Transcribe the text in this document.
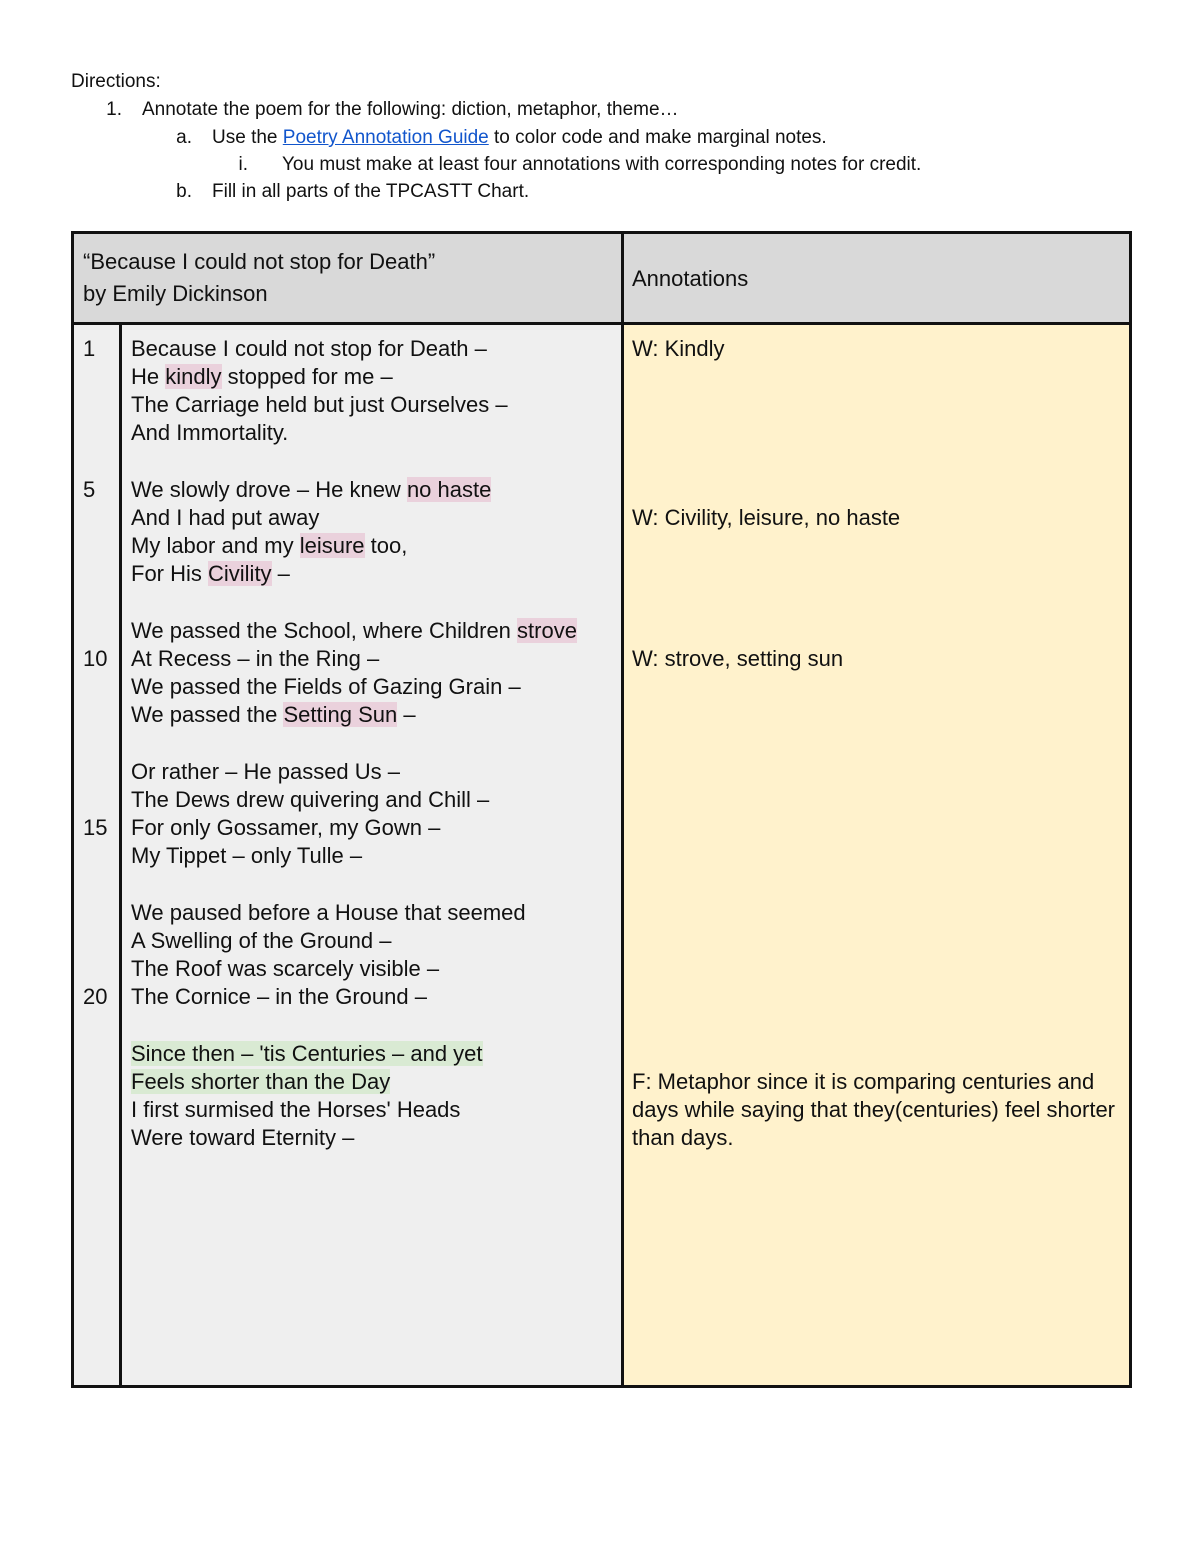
Directions:
1. Annotate the poem for the following: diction, metaphor, theme…
a. Use the Poetry Annotation Guide to color code and make marginal notes.
i. You must make at least four annotations with corresponding notes for credit.
b. Fill in all parts of the TPCASTT Chart.
“Because I could not stop for Death”
by Emily Dickinson
Annotations
1
5
10
15
20
Because I could not stop for Death –
He kindly stopped for me –
The Carriage held but just Ourselves –
And Immortality.
We slowly drove – He knew no haste
And I had put away
My labor and my leisure too,
For His Civility –
We passed the School, where Children strove
At Recess – in the Ring –
We passed the Fields of Gazing Grain –
We passed the Setting Sun –
Or rather – He passed Us –
The Dews drew quivering and Chill –
For only Gossamer, my Gown –
My Tippet – only Tulle –
We paused before a House that seemed
A Swelling of the Ground –
The Roof was scarcely visible –
The Cornice – in the Ground –
Since then – 'tis Centuries – and yet
Feels shorter than the Day
I first surmised the Horses' Heads
Were toward Eternity –
W: Kindly
W: Civility, leisure, no haste
W: strove, setting sun
F: Metaphor since it is comparing centuries and days while saying that they(centuries) feel shorter than days.
